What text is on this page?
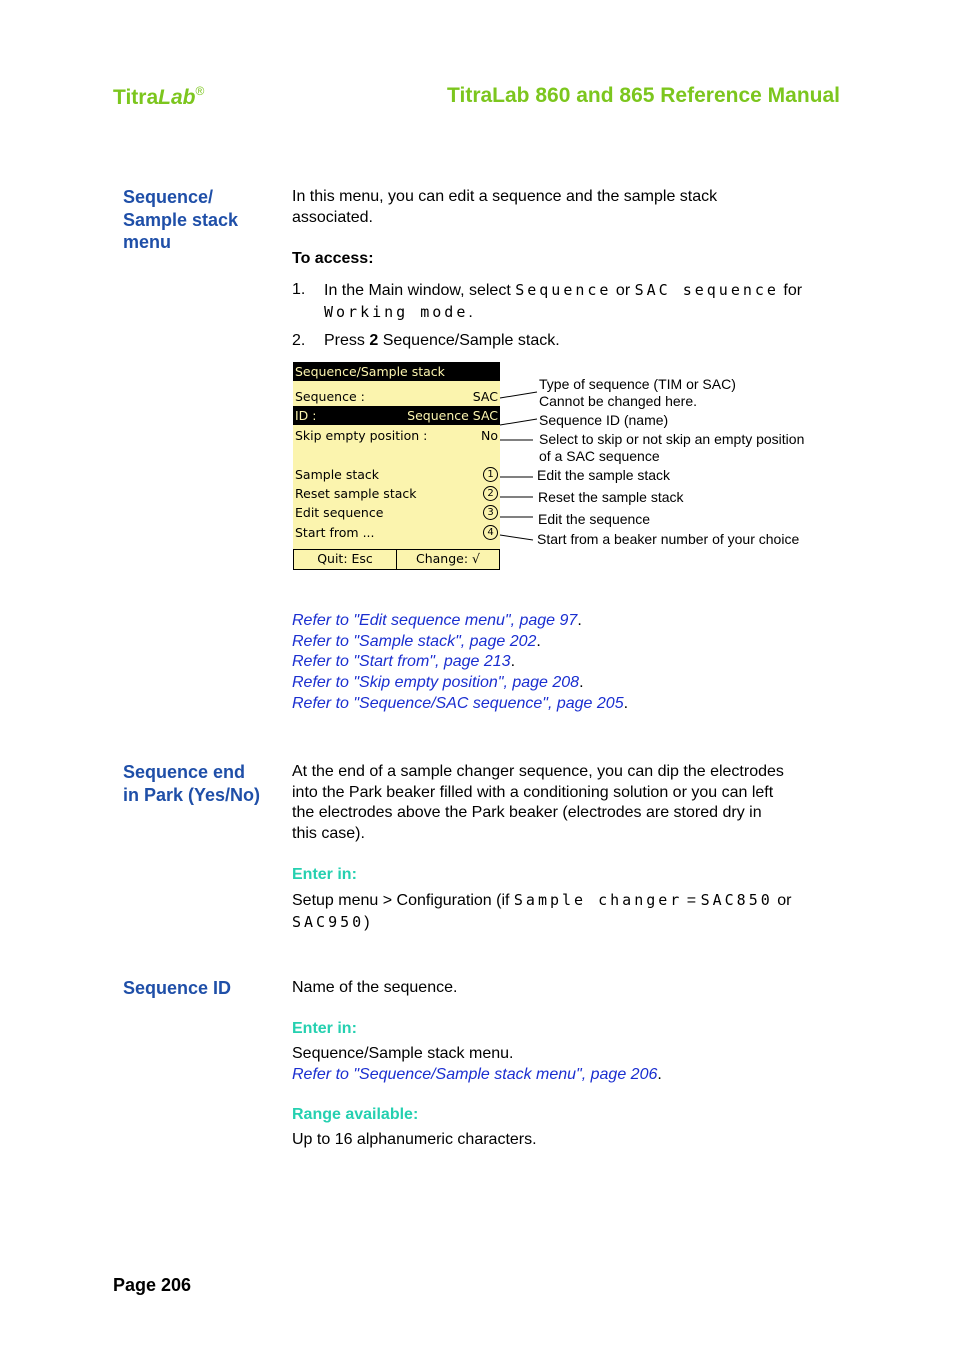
TitraLab®	TitraLab 860 and 865 Reference Manual
Sequence/
Sample stack
menu
In this menu, you can edit a sequence and the sample stack
associated.
To access:
1.	In the Main window, select Sequence or SAC sequence for
Working mode.
2.	Press 2 Sequence/Sample stack.
Sequence/Sample stack
Sequence :	SAC
ID :	Sequence SAC
Skip empty position :	No
Sample stack	1
Reset sample stack	2
Edit sequence	3
Start from ...	4
Quit: Esc	Change: √
Type of sequence (TIM or SAC)
Cannot be changed here.
Sequence ID (name)
Select to skip or not skip an empty position
of a SAC sequence
Edit the sample stack
Reset the sample stack
Edit the sequence
Start from a beaker number of your choice
Refer to "Edit sequence menu", page 97.
Refer to "Sample stack", page 202.
Refer to "Start from", page 213.
Refer to "Skip empty position", page 208.
Refer to "Sequence/SAC sequence", page 205.
Sequence end
in Park (Yes/No)
At the end of a sample changer sequence, you can dip the electrodes
into the Park beaker filled with a conditioning solution or you can left
the electrodes above the Park beaker (electrodes are stored dry in
this case).
Enter in:
Setup menu > Configuration (if Sample changer = SAC850 or
SAC950)
Sequence ID	Name of the sequence.
Enter in:
Sequence/Sample stack menu.
Refer to "Sequence/Sample stack menu", page 206.
Range available:
Up to 16 alphanumeric characters.
Page 206
